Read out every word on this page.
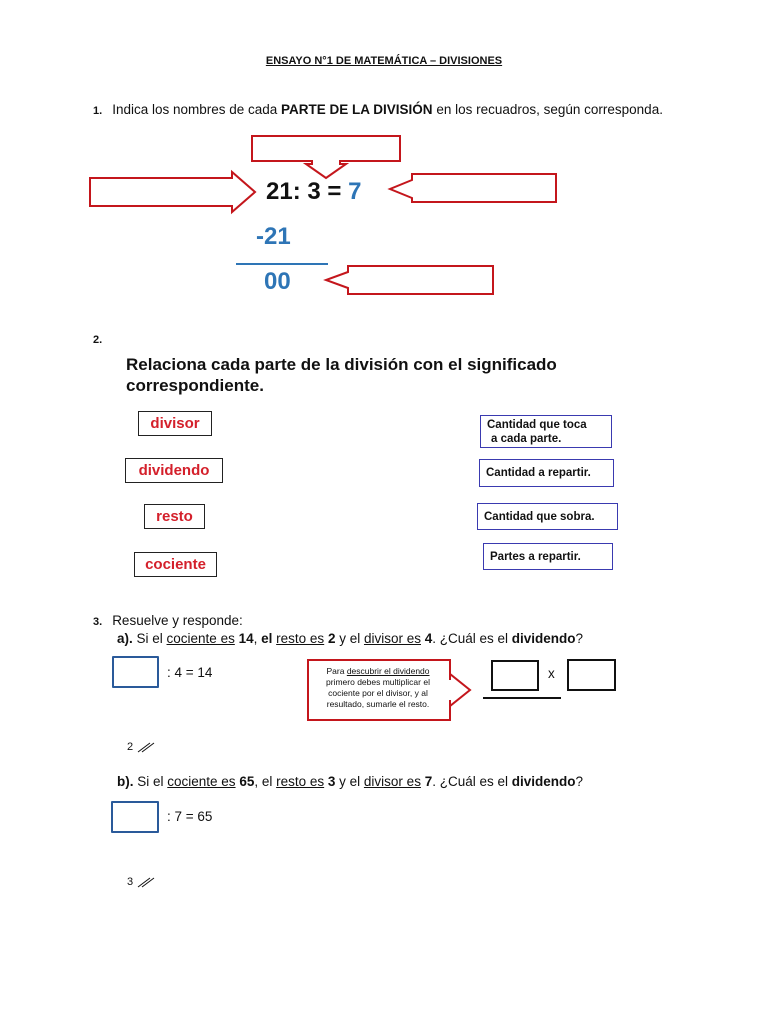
ENSAYO N°1 DE MATEMÁTICA – DIVISIONES
1. Indica los nombres de cada PARTE DE LA DIVISIÓN en los recuadros, según corresponda.
21: 3 = 7
-21
00
2.
Relaciona cada parte de la división con el significado
correspondiente.
divisor
dividendo
resto
cociente
Cantidad que toca
a cada parte.
Cantidad a repartir.
Cantidad que sobra.
Partes a repartir.
3. Resuelve y responde:
a). Si el cociente es 14, el resto es 2 y el divisor es 4. ¿Cuál es el dividendo?
: 4 = 14	Para descubrir el dividendo primero debes multiplicar el cociente por el divisor, y al resultado, sumarle el resto.
x
2
b). Si el cociente es 65, el resto es 3 y el divisor es 7. ¿Cuál es el dividendo?
: 7 = 65
3
